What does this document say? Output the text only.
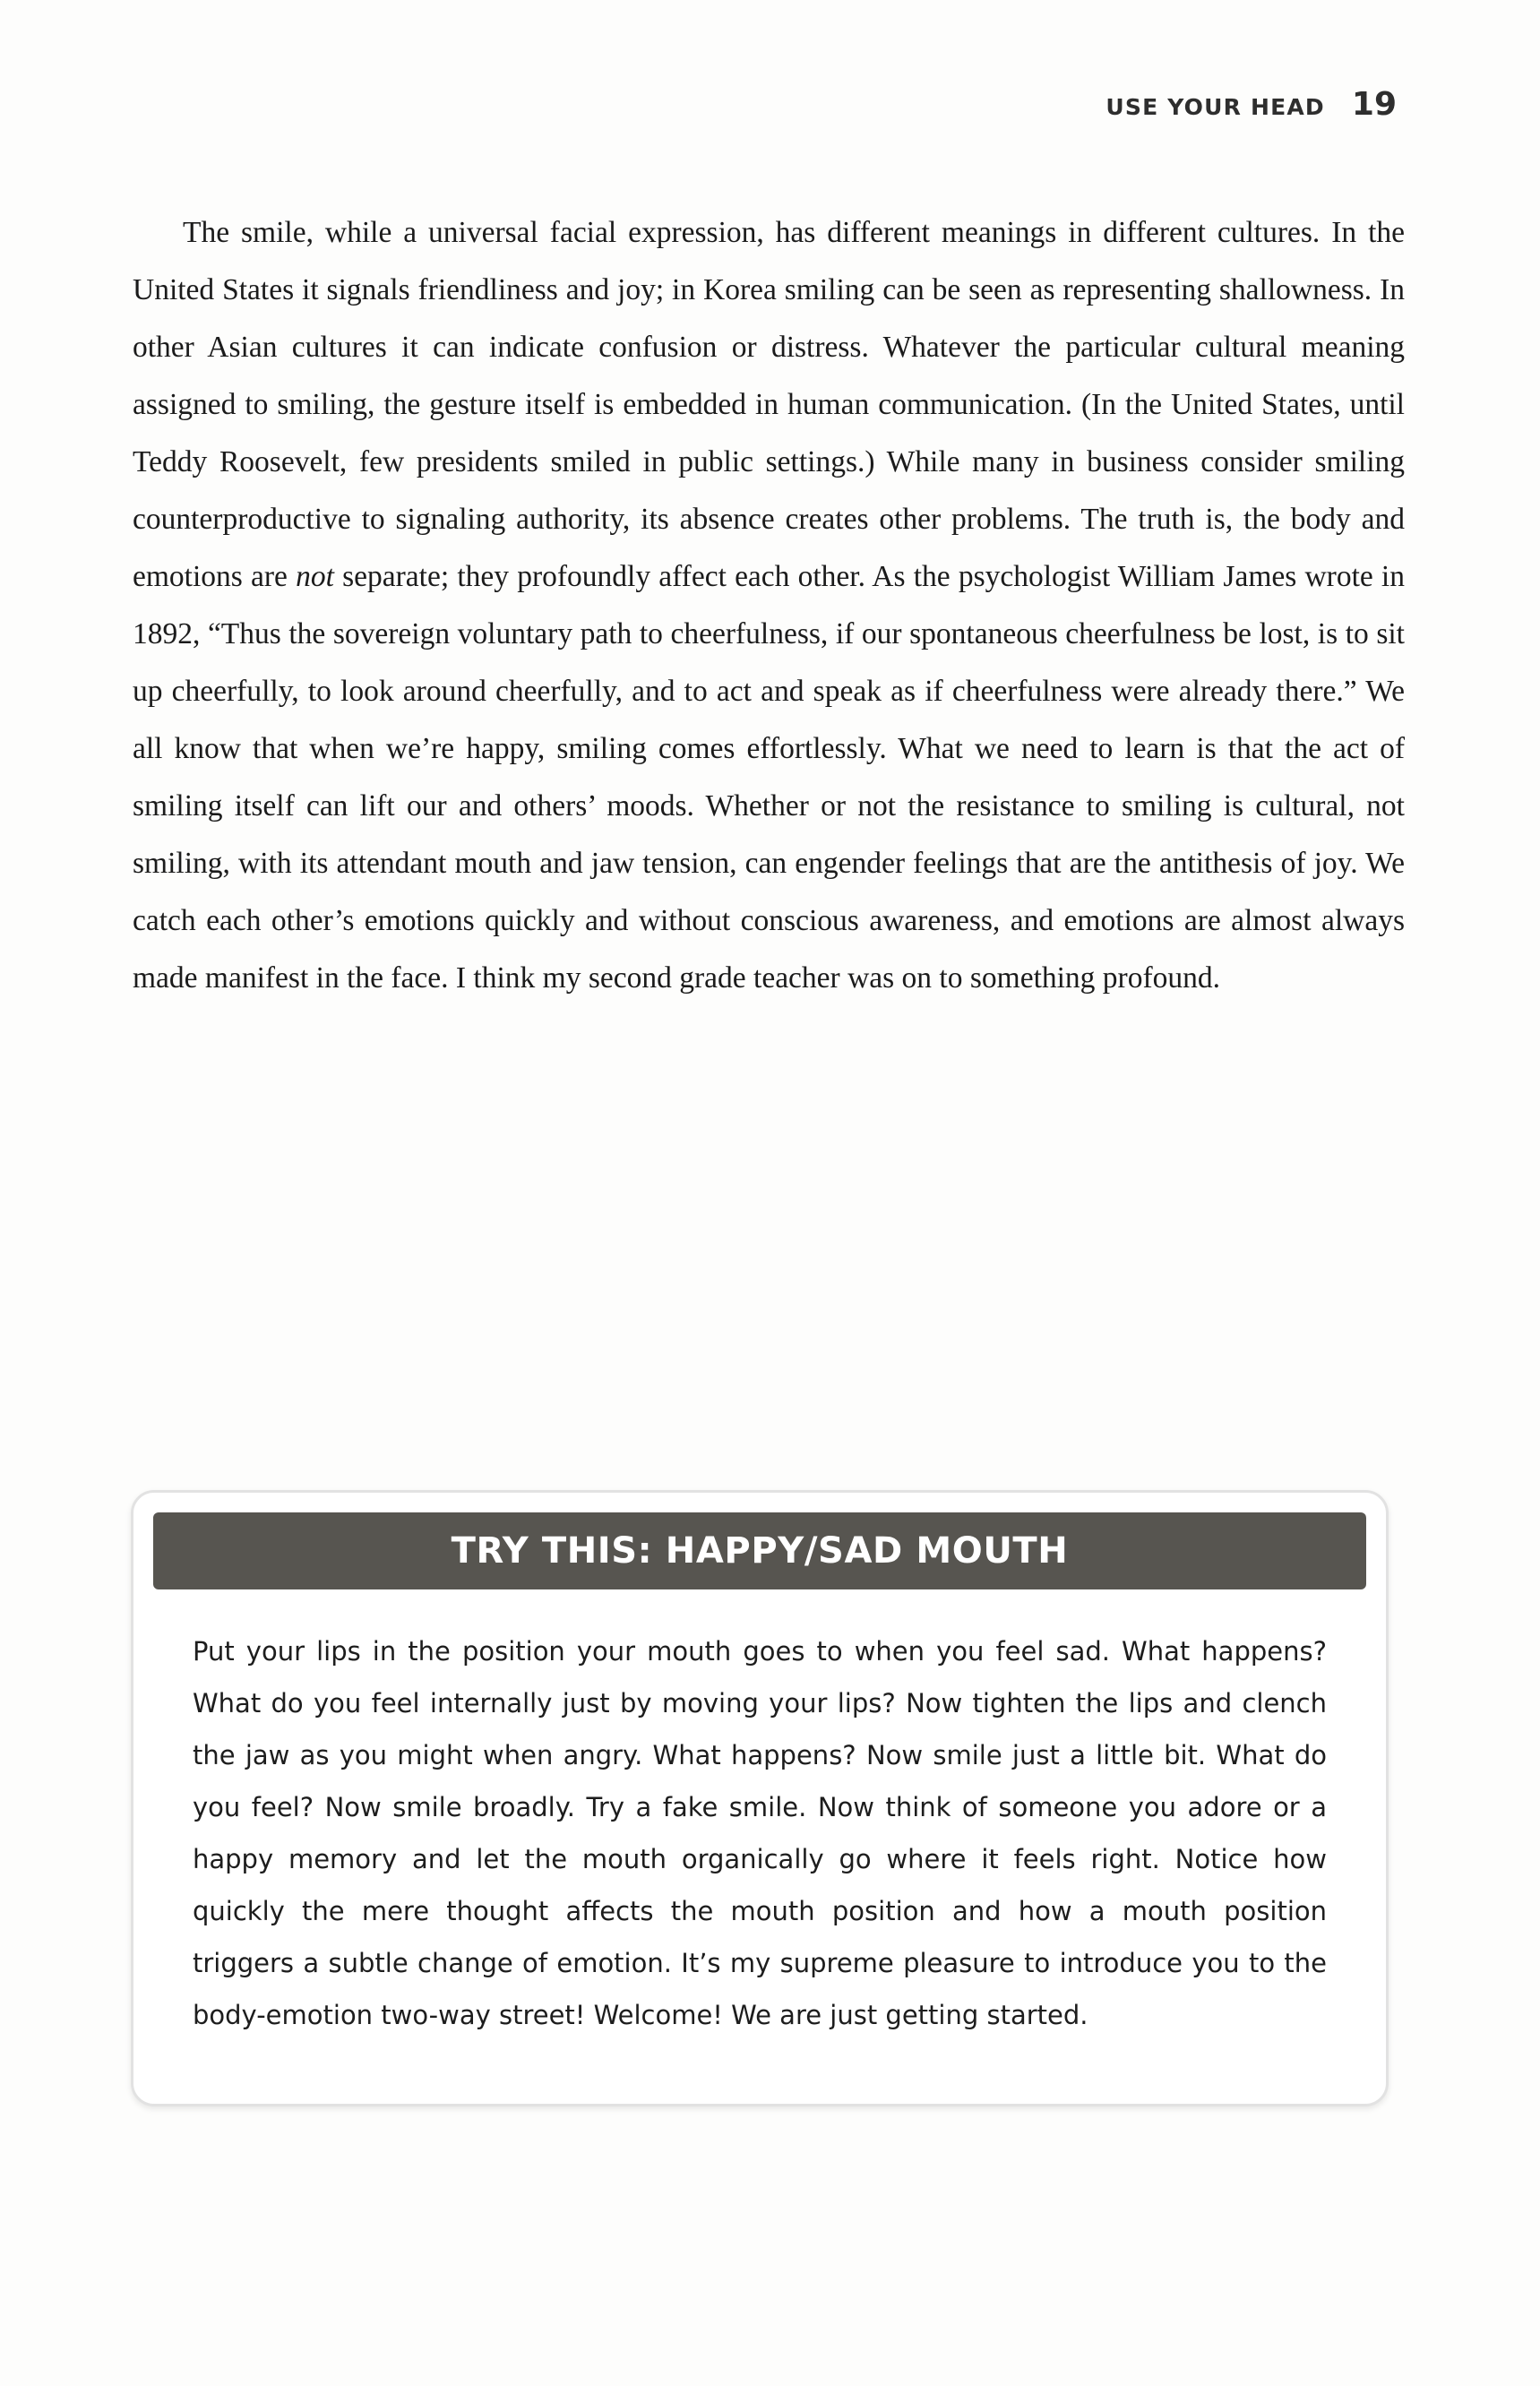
USE YOUR HEAD 19

The smile, while a universal facial expression, has different meanings in different cultures. In the United States it signals friendliness and joy; in Korea smiling can be seen as representing shallowness. In other Asian cultures it can indicate confusion or distress. Whatever the particular cultural meaning assigned to smiling, the gesture itself is embedded in human communication. (In the United States, until Teddy Roosevelt, few presidents smiled in public settings.) While many in business consider smiling counterproductive to signaling authority, its absence creates other problems. The truth is, the body and emotions are not separate; they profoundly affect each other. As the psychologist William James wrote in 1892, “Thus the sovereign voluntary path to cheerfulness, if our spontaneous cheerfulness be lost, is to sit up cheerfully, to look around cheerfully, and to act and speak as if cheerfulness were already there.” We all know that when we’re happy, smiling comes effortlessly. What we need to learn is that the act of smiling itself can lift our and others’ moods. Whether or not the resistance to smiling is cultural, not smiling, with its attendant mouth and jaw tension, can engender feelings that are the antithesis of joy. We catch each other’s emotions quickly and without conscious awareness, and emotions are almost always made manifest in the face. I think my second grade teacher was on to something profound.

TRY THIS: HAPPY/SAD MOUTH

Put your lips in the position your mouth goes to when you feel sad. What happens? What do you feel internally just by moving your lips? Now tighten the lips and clench the jaw as you might when angry. What happens? Now smile just a little bit. What do you feel? Now smile broadly. Try a fake smile. Now think of someone you adore or a happy memory and let the mouth organically go where it feels right. Notice how quickly the mere thought affects the mouth position and how a mouth position triggers a subtle change of emotion. It’s my supreme pleasure to introduce you to the body-emotion two-way street! Welcome! We are just getting started.
